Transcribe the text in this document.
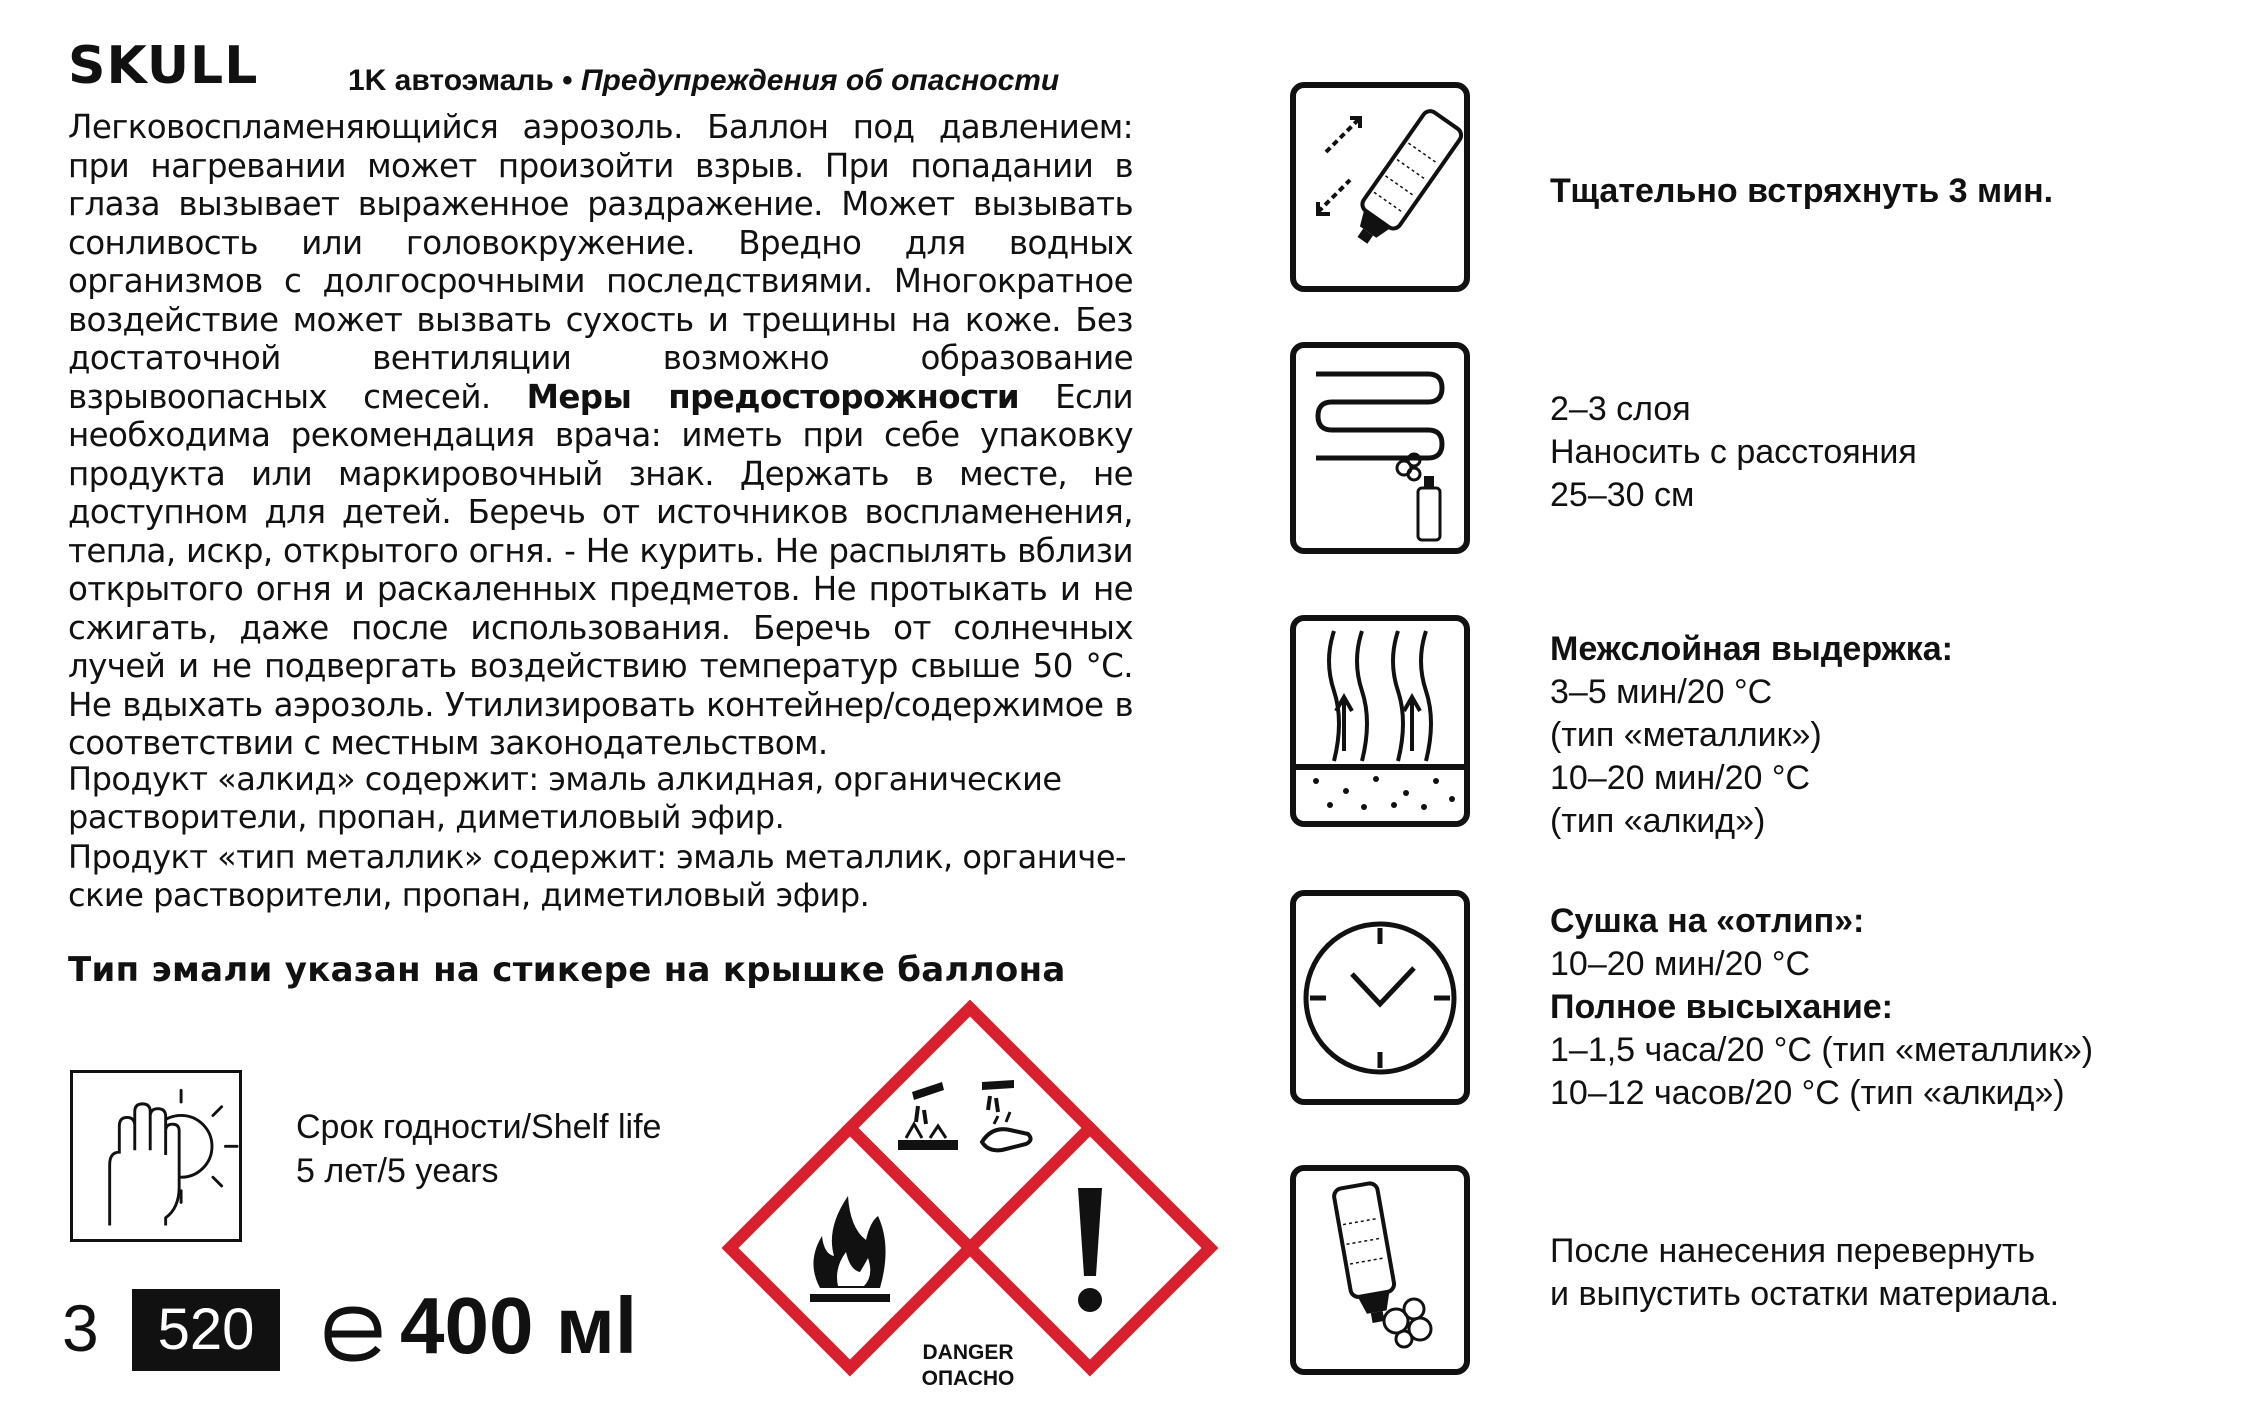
SKULL	1K автоэмаль • Предупреждения об опасности
Легковоспламеняющийся аэрозоль. Баллон под давлением: при нагревании может произойти взрыв. При попадании в глаза вызывает выраженное раздражение. Может вызывать сонливость или головокружение. Вредно для водных организмов с долгосрочными последствиями. Многократное воздействие может вызвать сухость и трещины на коже. Без достаточной вентиляции возможно образование взрывоопасных смесей. Меры предосторожности Если необходима рекомендация врача: иметь при себе упаковку продукта или маркировочный знак. Держать в месте, не доступном для детей. Беречь от источников воспламенения, тепла, искр, открытого огня. - Не курить. Не распылять вблизи открытого огня и раскаленных предметов. Не протыкать и не сжигать, даже после использования. Беречь от солнечных лучей и не подвергать воздействию температур свыше 50 °С. Не вдыхать аэрозоль. Утилизировать контейнер/содержимое в соответствии с местным законодательством.
Продукт «алкид» содержит: эмаль алкидная, органические растворители, пропан, диметиловый эфир.
Продукт «тип металлик» содержит: эмаль металлик, органиче-ские растворители, пропан, диметиловый эфир.
Тип эмали указан на стикере на крышке баллона
Срок годности/Shelf life
5 лет/5 years
3	520	400 мl	DANGER
ОПАСНО
Тщательно встряхнуть 3 мин.
2–3 слоя
Наносить с расстояния
25–30 см
Межслойная выдержка:
3–5 мин/20 °С
(тип «металлик»)
10–20 мин/20 °С
(тип «алкид»)
Сушка на «отлип»:
10–20 мин/20 °С
Полное высыхание:
1–1,5 часа/20 °С (тип «металлик»)
10–12 часов/20 °С (тип «алкид»)
После нанесения перевернуть
и выпустить остатки материала.
